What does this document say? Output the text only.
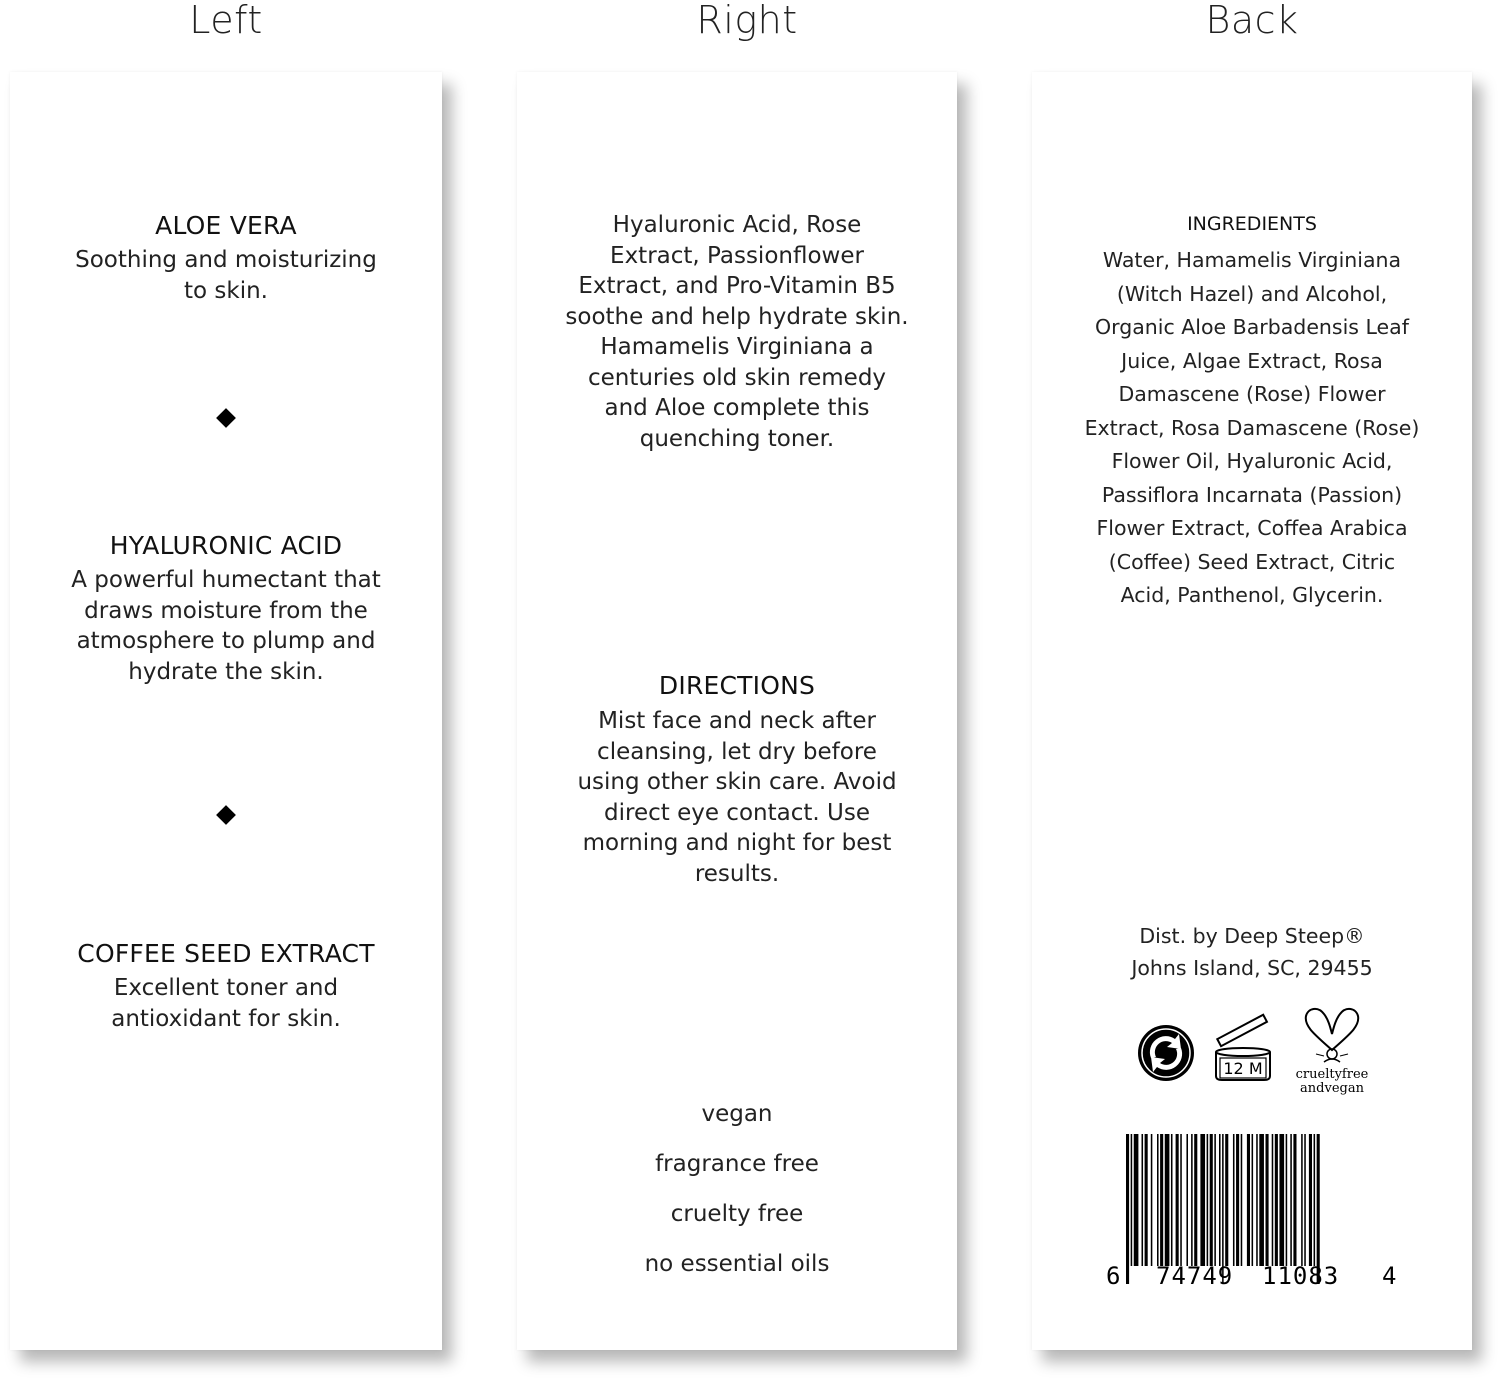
Left	Right	Back
ALOE VERA
Soothing and moisturizing to skin.
HYALURONIC ACID
A powerful humectant that draws moisture from the atmosphere to plump and hydrate the skin.
COFFEE SEED EXTRACT
Excellent toner and antioxidant for skin.
Hyaluronic Acid, Rose Extract, Passionflower Extract, and Pro-Vitamin B5 soothe and help hydrate skin. Hamamelis Virginiana a centuries old skin remedy and Aloe complete this quenching toner.
DIRECTIONS
Mist face and neck after cleansing, let dry before using other skin care. Avoid direct eye contact. Use morning and night for best results.
vegan
fragrance free
cruelty free
no essential oils
INGREDIENTS
Water, Hamamelis Virginiana (Witch Hazel) and Alcohol, Organic Aloe Barbadensis Leaf Juice, Algae Extract, Rosa Damascene (Rose) Flower Extract, Rosa Damascene (Rose) Flower Oil, Hyaluronic Acid, Passiflora Incarnata (Passion) Flower Extract, Coffea Arabica (Coffee) Seed Extract, Citric Acid, Panthenol, Glycerin.
Dist. by Deep Steep®
Johns Island, SC, 29455
12 M	crueltyfree
andvegan
6 74749 11083 4
